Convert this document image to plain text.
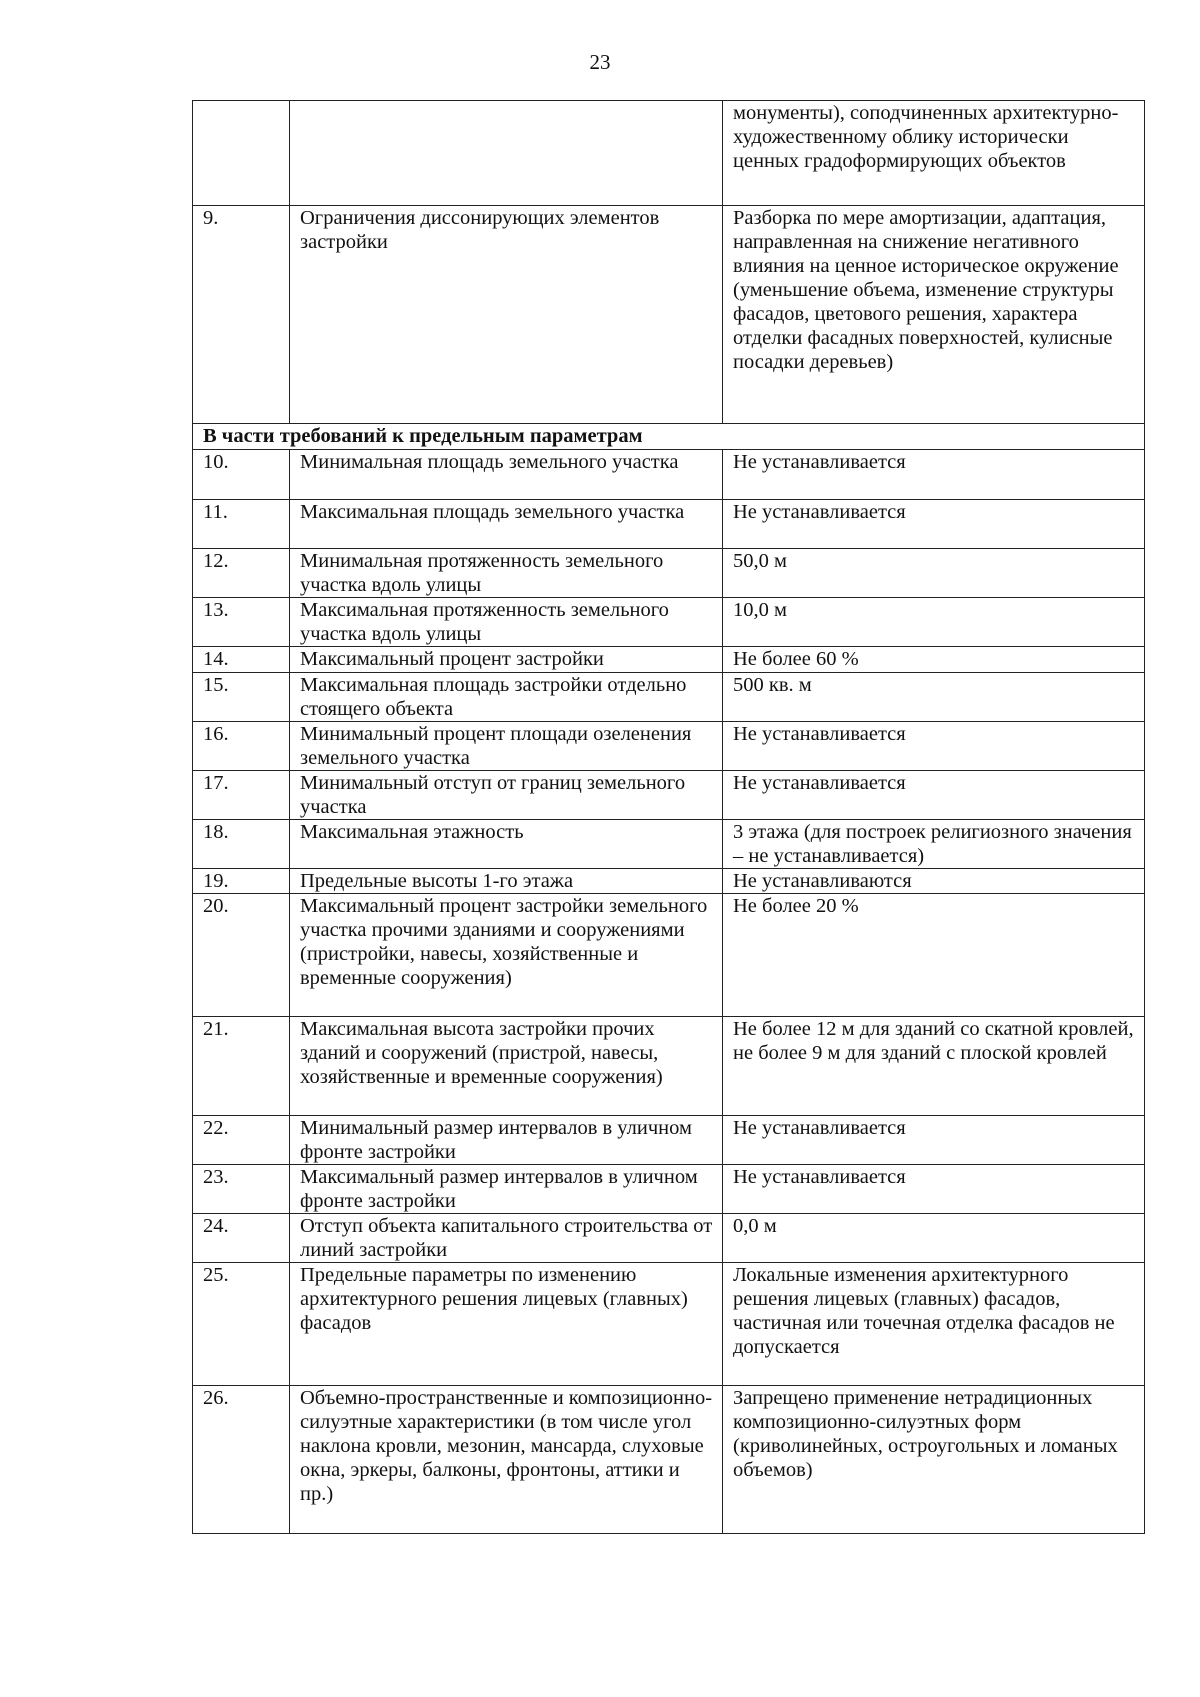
23
		монументы), соподчиненных архитектурно-художественному облику исторически ценных градоформирующих объектов
9.	Ограничения диссонирующих элементов застройки	Разборка по мере амортизации, адаптация, направленная на снижение негативного влияния на ценное историческое окружение (уменьшение объема, изменение структуры фасадов, цветового решения, характера отделки фасадных поверхностей, кулисные посадки деревьев)
В части требований к предельным параметрам		
10.	Минимальная площадь земельного участка	Не устанавливается
11.	Максимальная площадь земельного участка	Не устанавливается
12.	Минимальная протяженность земельного участка вдоль улицы	50,0 м
13.	Максимальная протяженность земельного участка вдоль улицы	10,0 м
14.	Максимальный процент застройки	Не более 60 %
15.	Максимальная площадь застройки отдельно стоящего объекта	500 кв. м
16.	Минимальный процент площади озеленения земельного участка	Не устанавливается
17.	Минимальный отступ от границ земельного участка	Не устанавливается
18.	Максимальная этажность	3 этажа (для построек религиозного значения – не устанавливается)
19.	Предельные высоты 1-го этажа	Не устанавливаются
20.	Максимальный процент застройки земельного участка прочими зданиями и сооружениями (пристройки, навесы, хозяйственные и временные сооружения)	Не более 20 %
21.	Максимальная высота застройки прочих зданий и сооружений (пристрой, навесы, хозяйственные и временные сооружения)	Не более 12 м для зданий со скатной кровлей, не более 9 м для зданий с плоской кровлей
22.	Минимальный размер интервалов в уличном фронте застройки	Не устанавливается
23.	Максимальный размер интервалов в уличном фронте застройки	Не устанавливается
24.	Отступ объекта капитального строительства от линий застройки	0,0 м
25.	Предельные параметры по изменению архитектурного решения лицевых (главных) фасадов	Локальные изменения архитектурного решения лицевых (главных) фасадов, частичная или точечная отделка фасадов не допускается
26.	Объемно-пространственные и композиционно-силуэтные характеристики (в том числе угол наклона кровли, мезонин, мансарда, слуховые окна, эркеры, балконы, фронтоны, аттики и пр.)	Запрещено применение нетрадиционных композиционно-силуэтных форм (криволинейных, остроугольных и ломаных объемов)
